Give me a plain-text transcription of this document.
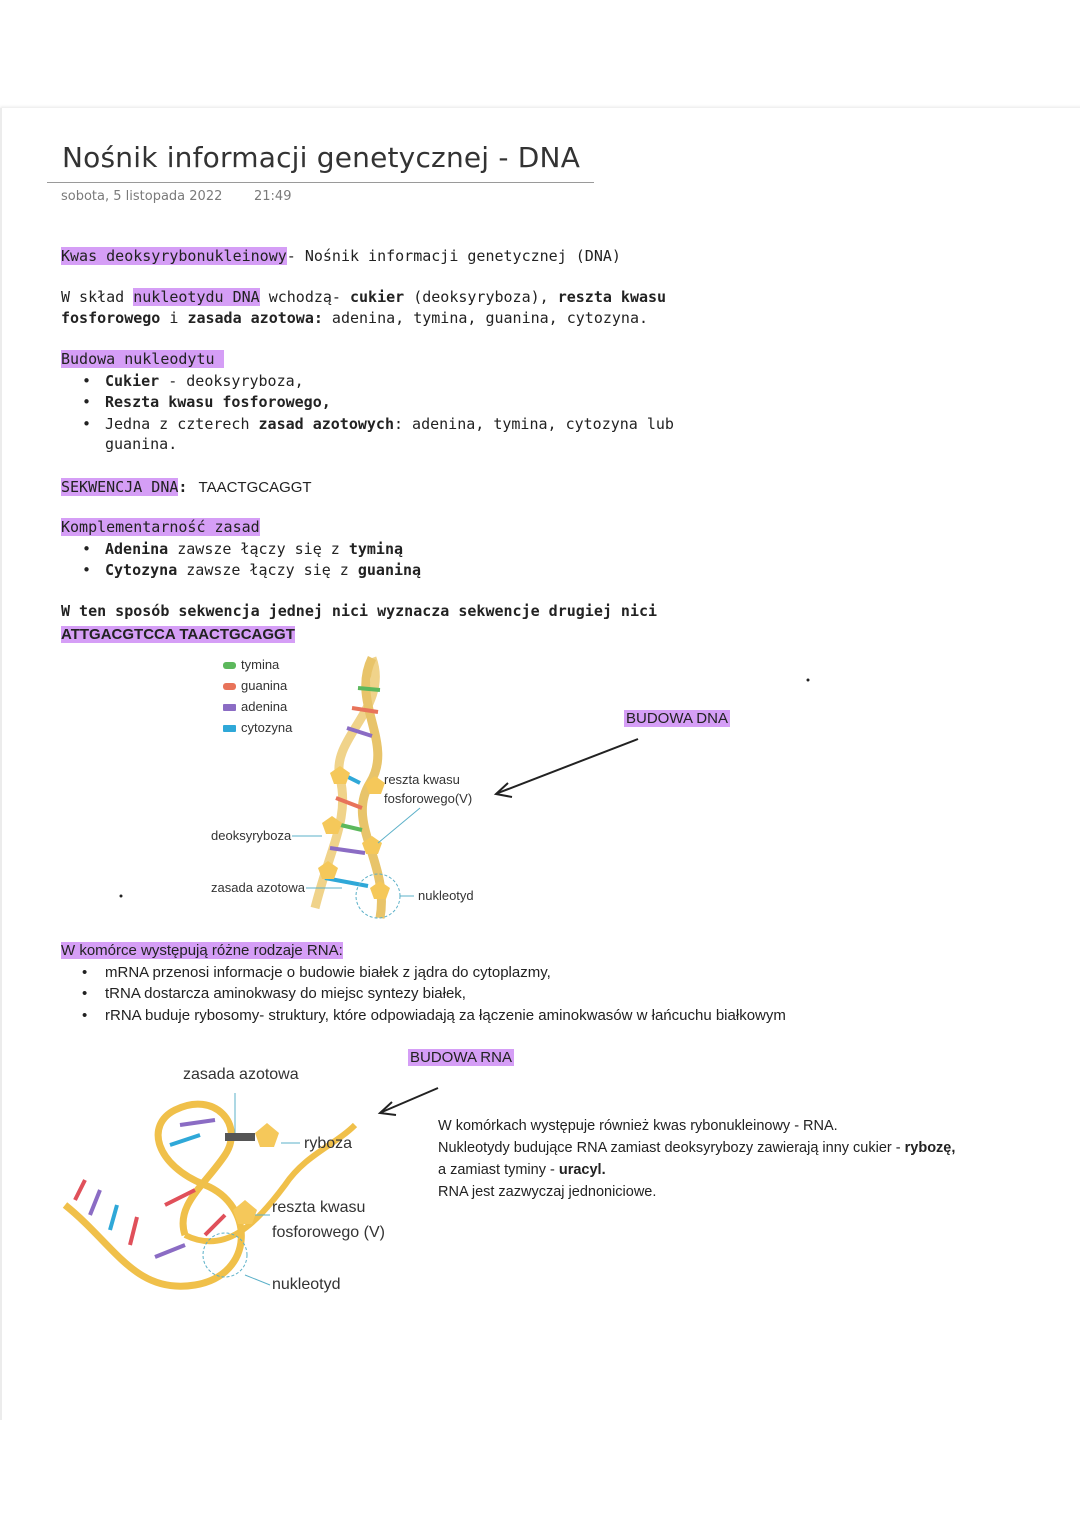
Nośnik informacji genetycznej - DNA
sobota, 5 listopada 2022 21:49
Kwas deoksyrybonukleinowy- Nośnik informacji genetycznej (DNA)
W skład nukleotydu DNA wchodzą- cukier (deoksyryboza), reszta kwasu
fosforowego i zasada azotowa: adenina, tymina, guanina, cytozyna.
Budowa nukleodytu
• Cukier - deoksyryboza,
• Reszta kwasu fosforowego,
• Jedna z czterech zasad azotowych: adenina, tymina, cytozyna lub
guanina.
SEKWENCJA DNA: TAACTGCAGGT
Komplementarność zasad
• Adenina zawsze łączy się z tyminą
• Cytozyna zawsze łączy się z guaniną
W ten sposób sekwencja jednej nici wyznacza sekwencje drugiej nici
ATTGACGTCCA TAACTGCAGGT
tymina
guanina
adenina
cytozyna
reszta kwasu
fosforowego(V)
deoksyryboza
zasada azotowa
nukleotyd
BUDOWA DNA
W komórce występują różne rodzaje RNA:
• mRNA przenosi informacje o budowie białek z jądra do cytoplazmy,
• tRNA dostarcza aminokwasy do miejsc syntezy białek,
• rRNA buduje rybosomy- struktury, które odpowiadają za łączenie aminokwasów w łańcuchu białkowym
BUDOWA RNA
zasada azotowa
ryboza
reszta kwasu
fosforowego (V)
nukleotyd
W komórkach występuje również kwas rybonukleinowy - RNA.
Nukleotydy budujące RNA zamiast deoksyrybozy zawierają inny cukier - rybozę,
a zamiast tyminy - uracyl.
RNA jest zazwyczaj jednoniciowe.
